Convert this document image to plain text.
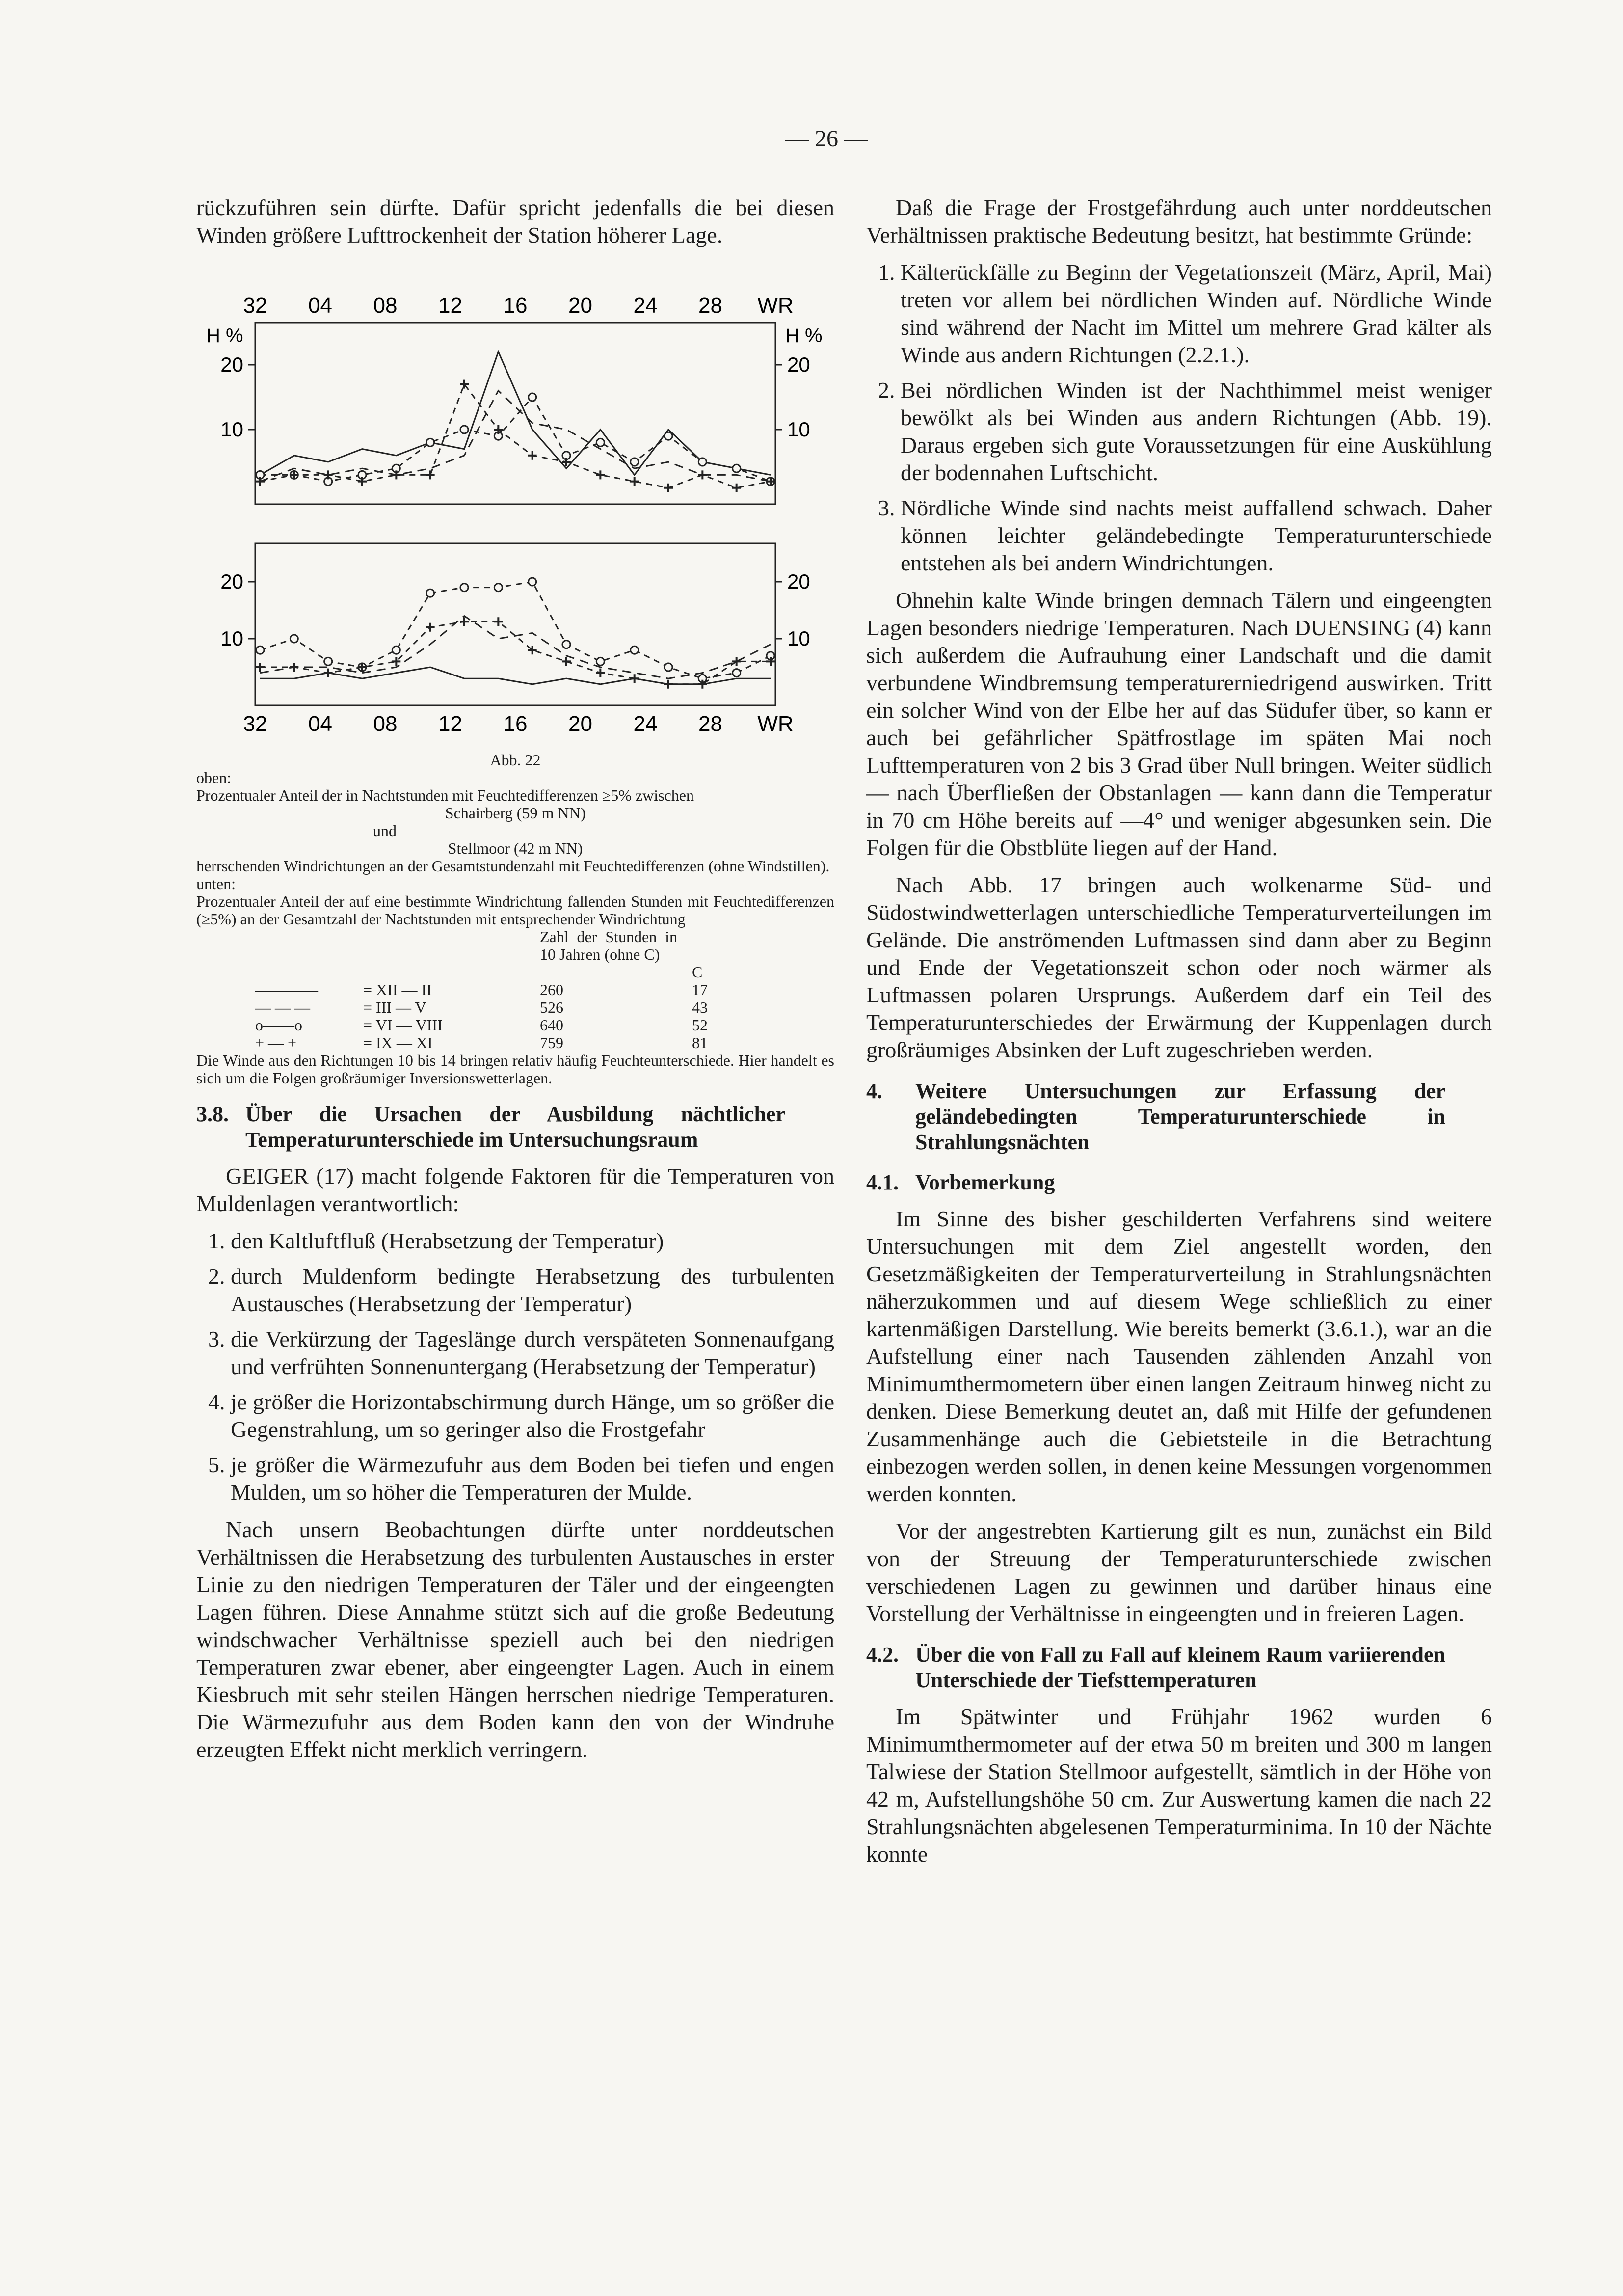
— 26 —

rückzuführen sein dürfte. Dafür spricht jedenfalls die bei diesen Winden größere Lufttrockenheit der Station höherer Lage.

20	20
10	10
H %	H %
32 04 08 12 16 20 24 28 WR
20	20
10	10
32 04 08 12 16 20 24 28 WR
Abb. 22
oben:
Prozentualer Anteil der in Nachtstunden mit Feuchtedifferenzen ≥5% zwischen
Schairberg (59 m NN)
und
Stellmoor (42 m NN)
herrschenden Windrichtungen an der Gesamtstundenzahl mit Feuchtedifferenzen (ohne Windstillen).
unten:
Prozentualer Anteil der auf eine bestimmte Windrichtung fallenden Stunden mit Feuchtedifferenzen (≥5%) an der Gesamtzahl der Nachtstunden mit entsprechender Windrichtung
Zahl der Stunden in 10 Jahren (ohne C)
C
————	= XII — II	260	17
— — —	= III — V	526	43
o——o	= VI — VIII	640	52
+ — +	= IX — XI	759	81
Die Winde aus den Richtungen 10 bis 14 bringen relativ häufig Feuchteunterschiede. Hier handelt es sich um die Folgen großräumiger Inversionswetterlagen.
3.8. Über die Ursachen der Ausbildung nächtlicher Temperaturunterschiede im Untersuchungsraum

GEIGER (17) macht folgende Faktoren für die Temperaturen von Muldenlagen verantwortlich:

1. den Kaltluftfluß (Herabsetzung der Temperatur)
2. durch Muldenform bedingte Herabsetzung des turbulenten Austausches (Herabsetzung der Temperatur)
3. die Verkürzung der Tageslänge durch verspäteten Sonnenaufgang und verfrühten Sonnenuntergang (Herabsetzung der Temperatur)
4. je größer die Horizontabschirmung durch Hänge, um so größer die Gegenstrahlung, um so geringer also die Frostgefahr
5. je größer die Wärmezufuhr aus dem Boden bei tiefen und engen Mulden, um so höher die Temperaturen der Mulde.

Nach unsern Beobachtungen dürfte unter norddeutschen Verhältnissen die Herabsetzung des turbulenten Austausches in erster Linie zu den niedrigen Temperaturen der Täler und der eingeengten Lagen führen. Diese Annahme stützt sich auf die große Bedeutung windschwacher Verhältnisse speziell auch bei den niedrigen Temperaturen zwar ebener, aber eingeengter Lagen. Auch in einem Kiesbruch mit sehr steilen Hängen herrschen niedrige Temperaturen. Die Wärmezufuhr aus dem Boden kann den von der Windruhe erzeugten Effekt nicht merklich verringern.

Daß die Frage der Frostgefährdung auch unter norddeutschen Verhältnissen praktische Bedeutung besitzt, hat bestimmte Gründe:

1. Kälterückfälle zu Beginn der Vegetationszeit (März, April, Mai) treten vor allem bei nördlichen Winden auf. Nördliche Winde sind während der Nacht im Mittel um mehrere Grad kälter als Winde aus andern Richtungen (2.2.1.).
2. Bei nördlichen Winden ist der Nachthimmel meist weniger bewölkt als bei Winden aus andern Richtungen (Abb. 19). Daraus ergeben sich gute Voraussetzungen für eine Auskühlung der bodennahen Luftschicht.
3. Nördliche Winde sind nachts meist auffallend schwach. Daher können leichter geländebedingte Temperaturunterschiede entstehen als bei andern Windrichtungen.

Ohnehin kalte Winde bringen demnach Tälern und eingeengten Lagen besonders niedrige Temperaturen. Nach DUENSING (4) kann sich außerdem die Aufrauhung einer Landschaft und die damit verbundene Windbremsung temperaturerniedrigend auswirken. Tritt ein solcher Wind von der Elbe her auf das Südufer über, so kann er auch bei gefährlicher Spätfrostlage im späten Mai noch Lufttemperaturen von 2 bis 3 Grad über Null bringen. Weiter südlich — nach Überfließen der Obstanlagen — kann dann die Temperatur in 70 cm Höhe bereits auf —4° und weniger abgesunken sein. Die Folgen für die Obstblüte liegen auf der Hand.

Nach Abb. 17 bringen auch wolkenarme Süd- und Südostwindwetterlagen unterschiedliche Temperaturverteilungen im Gelände. Die anströmenden Luftmassen sind dann aber zu Beginn und Ende der Vegetationszeit schon oder noch wärmer als Luftmassen polaren Ursprungs. Außerdem darf ein Teil des Temperaturunterschiedes der Erwärmung der Kuppenlagen durch großräumiges Absinken der Luft zugeschrieben werden.

4. Weitere Untersuchungen zur Erfassung der geländebedingten Temperaturunterschiede in Strahlungsnächten
4.1. Vorbemerkung

Im Sinne des bisher geschilderten Verfahrens sind weitere Untersuchungen mit dem Ziel angestellt worden, den Gesetzmäßigkeiten der Temperaturverteilung in Strahlungsnächten näherzukommen und auf diesem Wege schließlich zu einer kartenmäßigen Darstellung. Wie bereits bemerkt (3.6.1.), war an die Aufstellung einer nach Tausenden zählenden Anzahl von Minimumthermometern über einen langen Zeitraum hinweg nicht zu denken. Diese Bemerkung deutet an, daß mit Hilfe der gefundenen Zusammenhänge auch die Gebietsteile in die Betrachtung einbezogen werden sollen, in denen keine Messungen vorgenommen werden konnten.

Vor der angestrebten Kartierung gilt es nun, zunächst ein Bild von der Streuung der Temperaturunterschiede zwischen verschiedenen Lagen zu gewinnen und darüber hinaus eine Vorstellung der Verhältnisse in eingeengten und in freieren Lagen.

4.2. Über die von Fall zu Fall auf kleinem Raum variierenden Unterschiede der Tiefsttemperaturen

Im Spätwinter und Frühjahr 1962 wurden 6 Minimumthermometer auf der etwa 50 m breiten und 300 m langen Talwiese der Station Stellmoor aufgestellt, sämtlich in der Höhe von 42 m, Aufstellungshöhe 50 cm. Zur Auswertung kamen die nach 22 Strahlungsnächten abgelesenen Temperaturminima. In 10 der Nächte konnte
